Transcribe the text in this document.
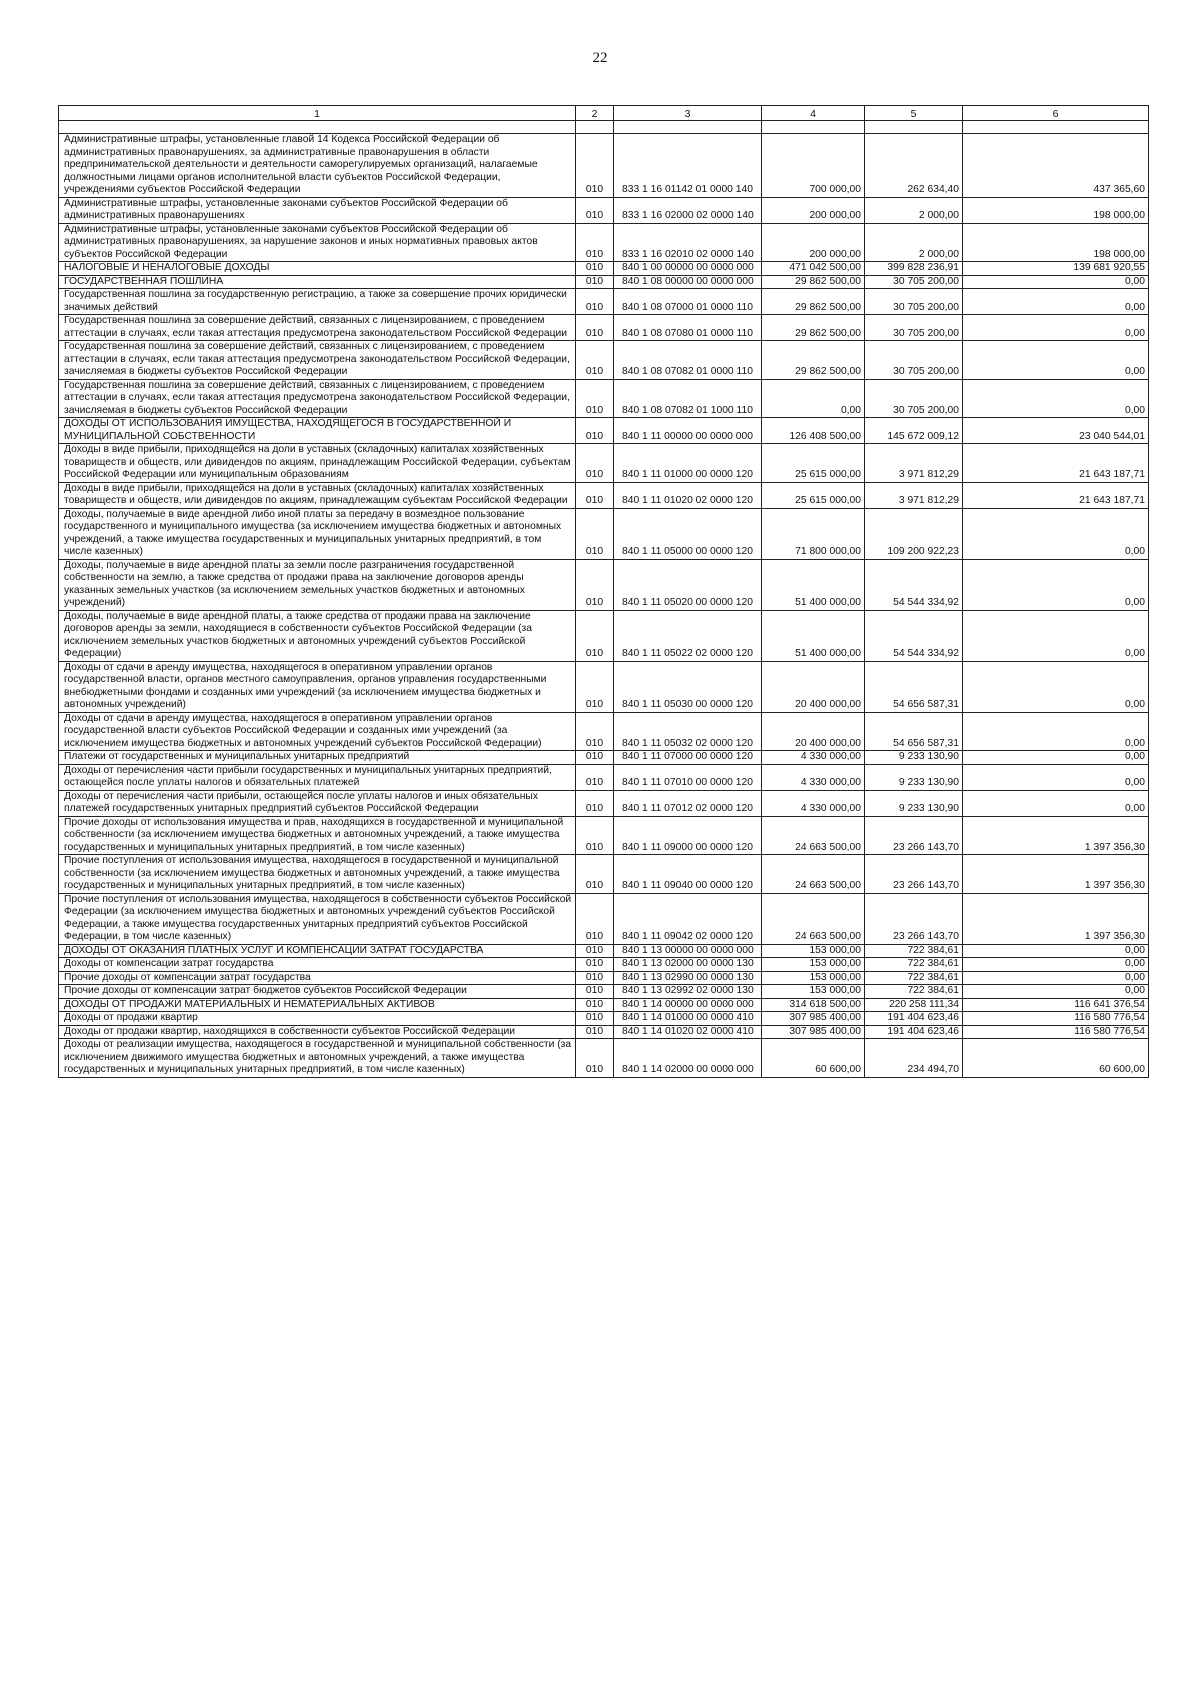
22
1	2	3	4	5	6

Административные штрафы, установленные главой 14 Кодекса Российской Федерации об административных правонарушениях, за административные правонарушения в области предпринимательской деятельности и деятельности саморегулируемых организаций, налагаемые должностными лицами органов исполнительной власти субъектов Российской Федерации, учреждениями субъектов Российской Федерации	010	833 1 16 01142 01 0000 140	700 000,00	262 634,40	437 365,60
Административные штрафы, установленные законами субъектов Российской Федерации об административных правонарушениях	010	833 1 16 02000 02 0000 140	200 000,00	2 000,00	198 000,00
Административные штрафы, установленные законами субъектов Российской Федерации об административных правонарушениях, за нарушение законов и иных нормативных правовых актов субъектов Российской Федерации	010	833 1 16 02010 02 0000 140	200 000,00	2 000,00	198 000,00
НАЛОГОВЫЕ И НЕНАЛОГОВЫЕ ДОХОДЫ	010	840 1 00 00000 00 0000 000	471 042 500,00	399 828 236,91	139 681 920,55
ГОСУДАРСТВЕННАЯ ПОШЛИНА	010	840 1 08 00000 00 0000 000	29 862 500,00	30 705 200,00	0,00
Государственная пошлина за государственную регистрацию, а также за совершение прочих юридически значимых действий	010	840 1 08 07000 01 0000 110	29 862 500,00	30 705 200,00	0,00
Государственная пошлина за совершение действий, связанных с лицензированием, с проведением аттестации в случаях, если такая аттестация предусмотрена законодательством Российской Федерации	010	840 1 08 07080 01 0000 110	29 862 500,00	30 705 200,00	0,00
Государственная пошлина за совершение действий, связанных с лицензированием, с проведением аттестации в случаях, если такая аттестация предусмотрена законодательством Российской Федерации, зачисляемая в бюджеты субъектов Российской Федерации	010	840 1 08 07082 01 0000 110	29 862 500,00	30 705 200,00	0,00
Государственная пошлина за совершение действий, связанных с лицензированием, с проведением аттестации в случаях, если такая аттестация предусмотрена законодательством Российской Федерации, зачисляемая в бюджеты субъектов Российской Федерации	010	840 1 08 07082 01 1000 110	0,00	30 705 200,00	0,00
ДОХОДЫ ОТ ИСПОЛЬЗОВАНИЯ ИМУЩЕСТВА, НАХОДЯЩЕГОСЯ В ГОСУДАРСТВЕННОЙ И МУНИЦИПАЛЬНОЙ СОБСТВЕННОСТИ	010	840 1 11 00000 00 0000 000	126 408 500,00	145 672 009,12	23 040 544,01
Доходы в виде прибыли, приходящейся на доли в уставных (складочных) капиталах хозяйственных товариществ и обществ, или дивидендов по акциям, принадлежащим Российской Федерации, субъектам Российской Федерации или муниципальным образованиям	010	840 1 11 01000 00 0000 120	25 615 000,00	3 971 812,29	21 643 187,71
Доходы в виде прибыли, приходящейся на доли в уставных (складочных) капиталах хозяйственных товариществ и обществ, или дивидендов по акциям, принадлежащим субъектам Российской Федерации	010	840 1 11 01020 02 0000 120	25 615 000,00	3 971 812,29	21 643 187,71
Доходы, получаемые в виде арендной либо иной платы за передачу в возмездное пользование государственного и муниципального имущества (за исключением имущества бюджетных и автономных учреждений, а также имущества государственных и муниципальных унитарных предприятий, в том числе казенных)	010	840 1 11 05000 00 0000 120	71 800 000,00	109 200 922,23	0,00
Доходы, получаемые в виде арендной платы за земли после разграничения государственной собственности на землю, а также средства от продажи права на заключение договоров аренды указанных земельных участков (за исключением земельных участков бюджетных и автономных учреждений)	010	840 1 11 05020 00 0000 120	51 400 000,00	54 544 334,92	0,00
Доходы, получаемые в виде арендной платы, а также средства от продажи права на заключение договоров аренды за земли, находящиеся в собственности субъектов Российской Федерации (за исключением земельных участков бюджетных и автономных учреждений субъектов Российской Федерации)	010	840 1 11 05022 02 0000 120	51 400 000,00	54 544 334,92	0,00
Доходы от сдачи в аренду имущества, находящегося в оперативном управлении органов государственной власти, органов местного самоуправления, органов управления государственными внебюджетными фондами и созданных ими учреждений (за исключением имущества бюджетных и автономных учреждений)	010	840 1 11 05030 00 0000 120	20 400 000,00	54 656 587,31	0,00
Доходы от сдачи в аренду имущества, находящегося в оперативном управлении органов государственной власти субъектов Российской Федерации и созданных ими учреждений (за исключением имущества бюджетных и автономных учреждений субъектов Российской Федерации)	010	840 1 11 05032 02 0000 120	20 400 000,00	54 656 587,31	0,00
Платежи от государственных и муниципальных унитарных предприятий	010	840 1 11 07000 00 0000 120	4 330 000,00	9 233 130,90	0,00
Доходы от перечисления части прибыли государственных и муниципальных унитарных предприятий, остающейся после уплаты налогов и обязательных платежей	010	840 1 11 07010 00 0000 120	4 330 000,00	9 233 130,90	0,00
Доходы от перечисления части прибыли, остающейся после уплаты налогов и иных обязательных платежей государственных унитарных предприятий субъектов Российской Федерации	010	840 1 11 07012 02 0000 120	4 330 000,00	9 233 130,90	0,00
Прочие доходы от использования имущества и прав, находящихся в государственной и муниципальной собственности (за исключением имущества бюджетных и автономных учреждений, а также имущества государственных и муниципальных унитарных предприятий, в том числе казенных)	010	840 1 11 09000 00 0000 120	24 663 500,00	23 266 143,70	1 397 356,30
Прочие поступления от использования имущества, находящегося в государственной и муниципальной собственности (за исключением имущества бюджетных и автономных учреждений, а также имущества государственных и муниципальных унитарных предприятий, в том числе казенных)	010	840 1 11 09040 00 0000 120	24 663 500,00	23 266 143,70	1 397 356,30
Прочие поступления от использования имущества, находящегося в собственности субъектов Российской Федерации (за исключением имущества бюджетных и автономных учреждений субъектов Российской Федерации, а также имущества государственных унитарных предприятий субъектов Российской Федерации, в том числе казенных)	010	840 1 11 09042 02 0000 120	24 663 500,00	23 266 143,70	1 397 356,30
ДОХОДЫ ОТ ОКАЗАНИЯ ПЛАТНЫХ УСЛУГ И КОМПЕНСАЦИИ ЗАТРАТ ГОСУДАРСТВА	010	840 1 13 00000 00 0000 000	153 000,00	722 384,61	0,00
Доходы от компенсации затрат государства	010	840 1 13 02000 00 0000 130	153 000,00	722 384,61	0,00
Прочие доходы от компенсации затрат государства	010	840 1 13 02990 00 0000 130	153 000,00	722 384,61	0,00
Прочие доходы от компенсации затрат бюджетов субъектов Российской Федерации	010	840 1 13 02992 02 0000 130	153 000,00	722 384,61	0,00
ДОХОДЫ ОТ ПРОДАЖИ МАТЕРИАЛЬНЫХ И НЕМАТЕРИАЛЬНЫХ АКТИВОВ	010	840 1 14 00000 00 0000 000	314 618 500,00	220 258 111,34	116 641 376,54
Доходы от продажи квартир	010	840 1 14 01000 00 0000 410	307 985 400,00	191 404 623,46	116 580 776,54
Доходы от продажи квартир, находящихся в собственности субъектов Российской Федерации	010	840 1 14 01020 02 0000 410	307 985 400,00	191 404 623,46	116 580 776,54
Доходы от реализации имущества, находящегося в государственной и муниципальной собственности (за исключением движимого имущества бюджетных и автономных учреждений, а также имущества государственных и муниципальных унитарных предприятий, в том числе казенных)	010	840 1 14 02000 00 0000 000	60 600,00	234 494,70	60 600,00
